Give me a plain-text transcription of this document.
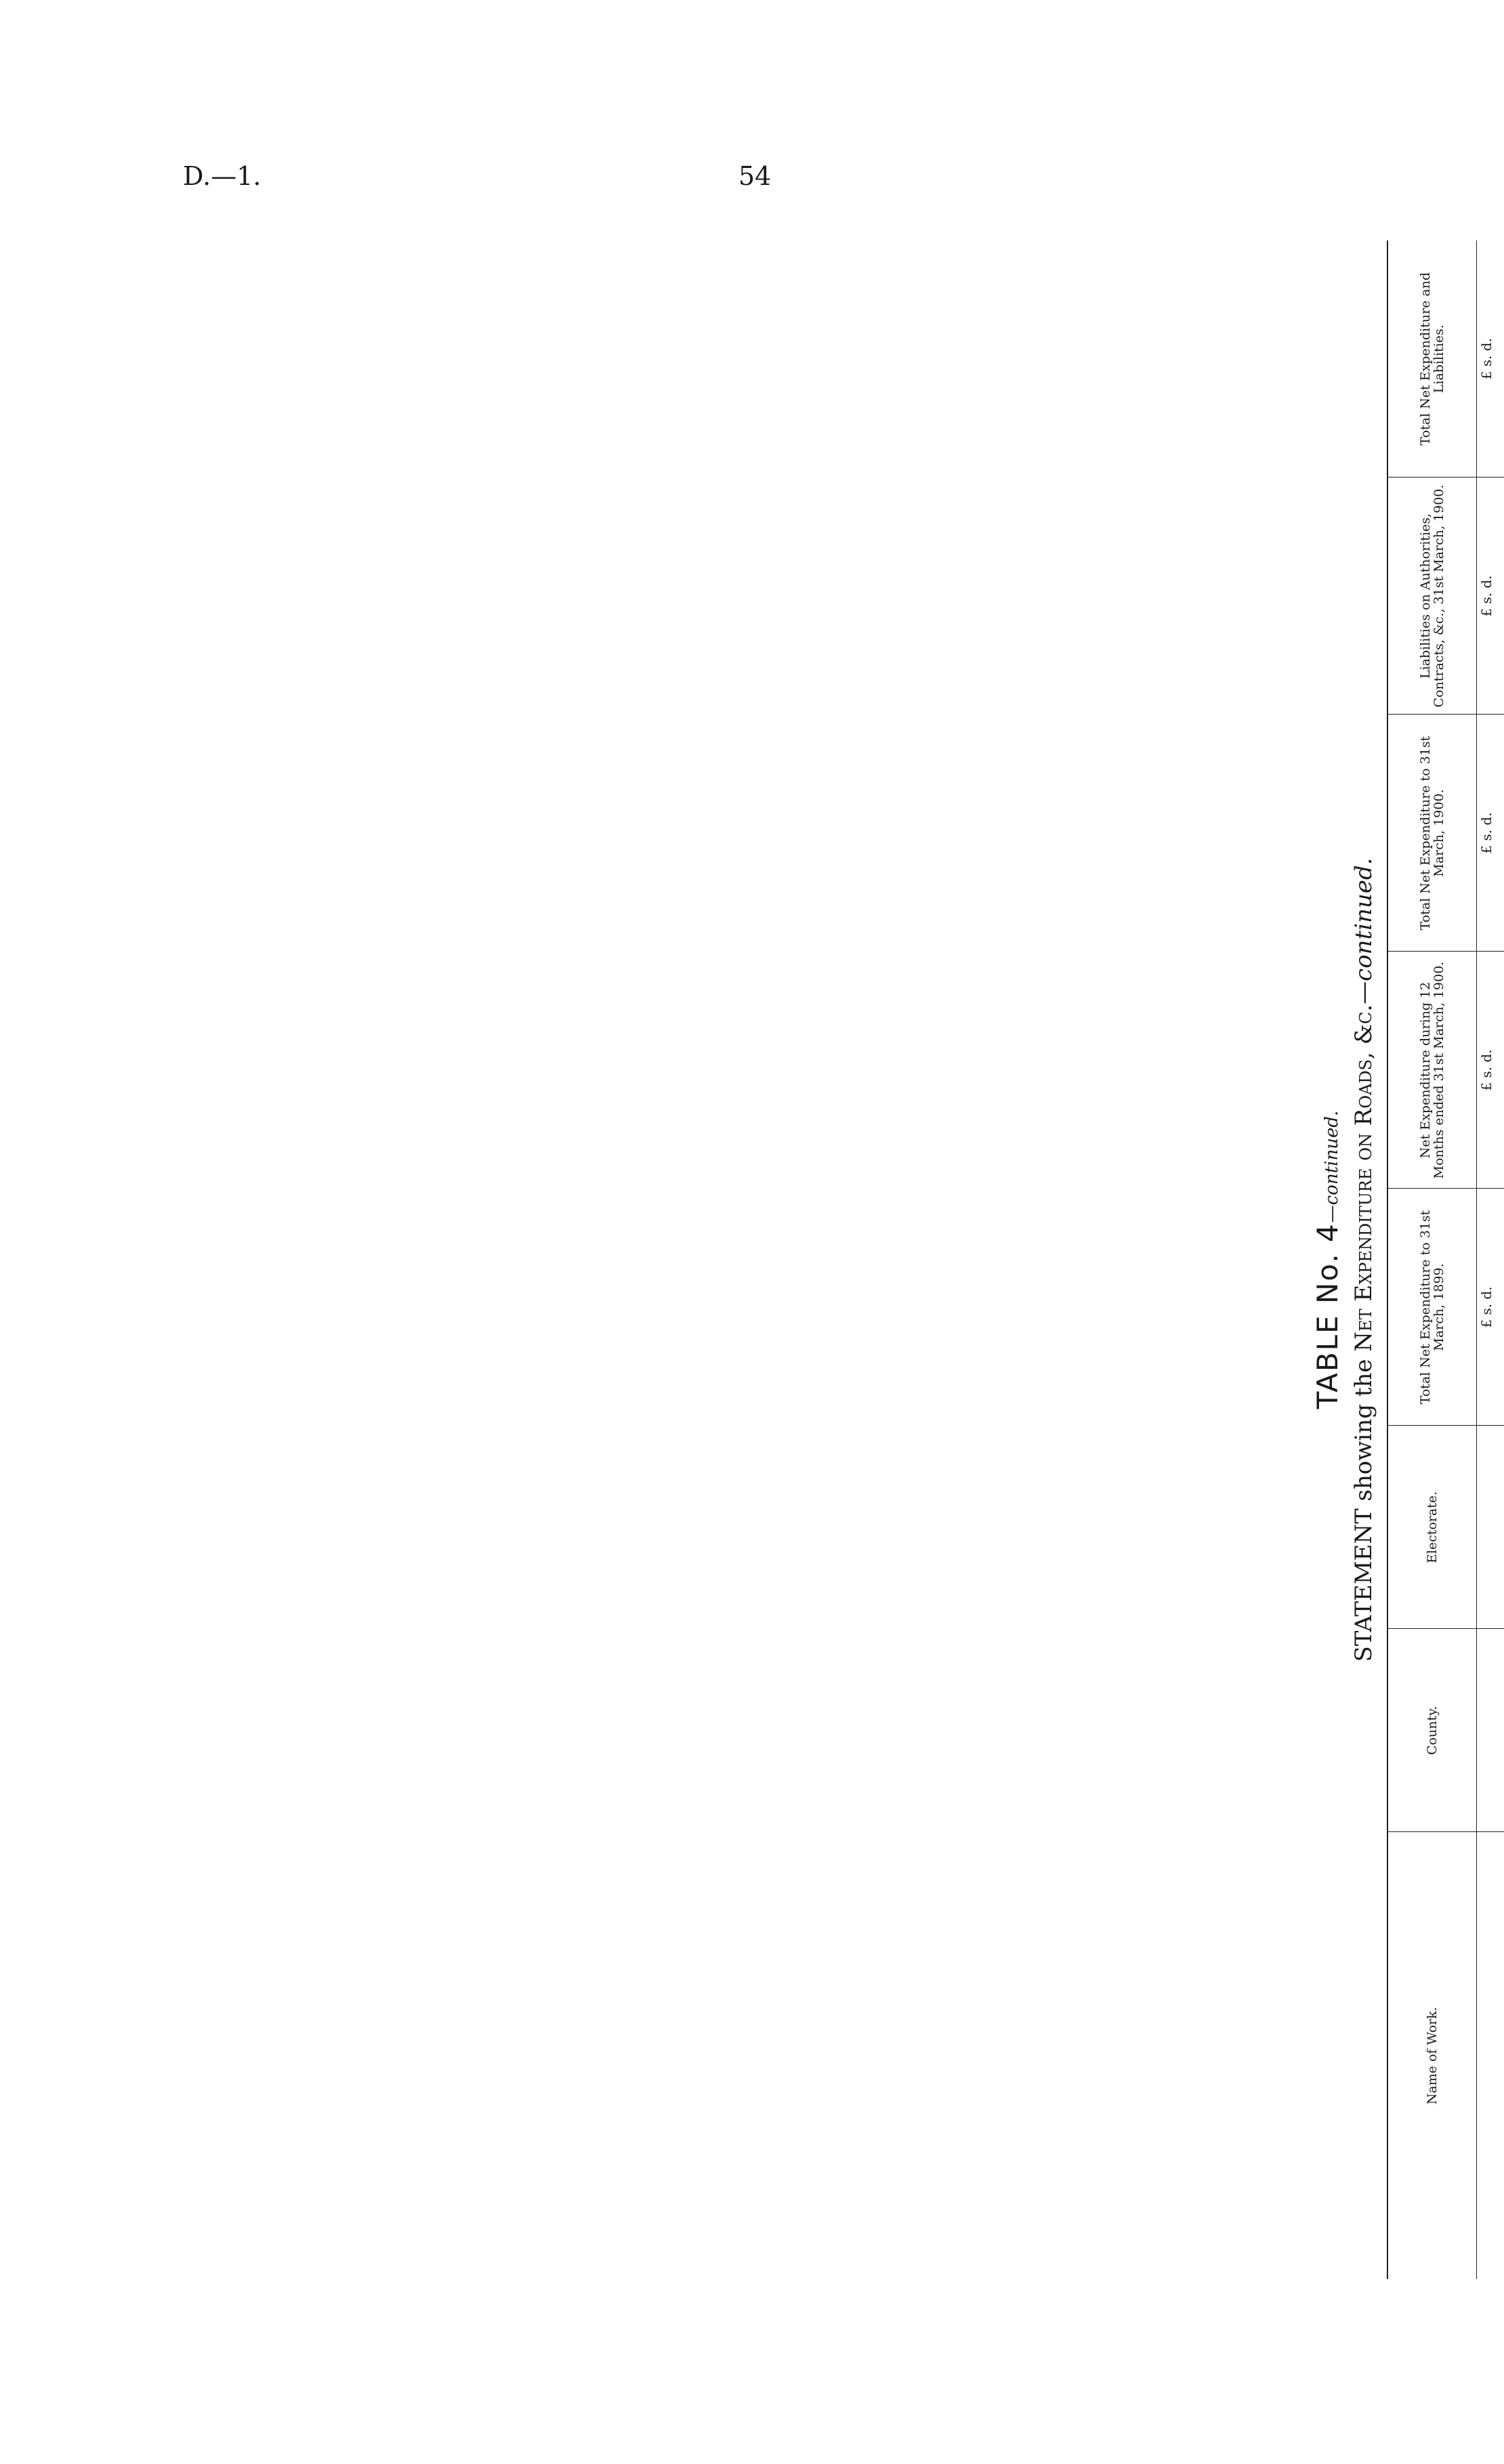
D.—1.	54
TABLE No. 4—continued.
STATEMENT showing the Net Expenditure on Roads, &c.—continued.
Name of Work.	County.	Electorate.	Total Net Expenditure to 31st March, 1899.	Net Expenditure during 12 Months ended 31st March, 1900.	Total Net Expenditure to 31st March, 1900.	Liabilities on Authorities, Contracts, &c., 31st March, 1900.	Total Net Expenditure and Liabilities.
			£ s. d.	£ s. d.	£ s. d.	£ s. d.	£ s. d.
